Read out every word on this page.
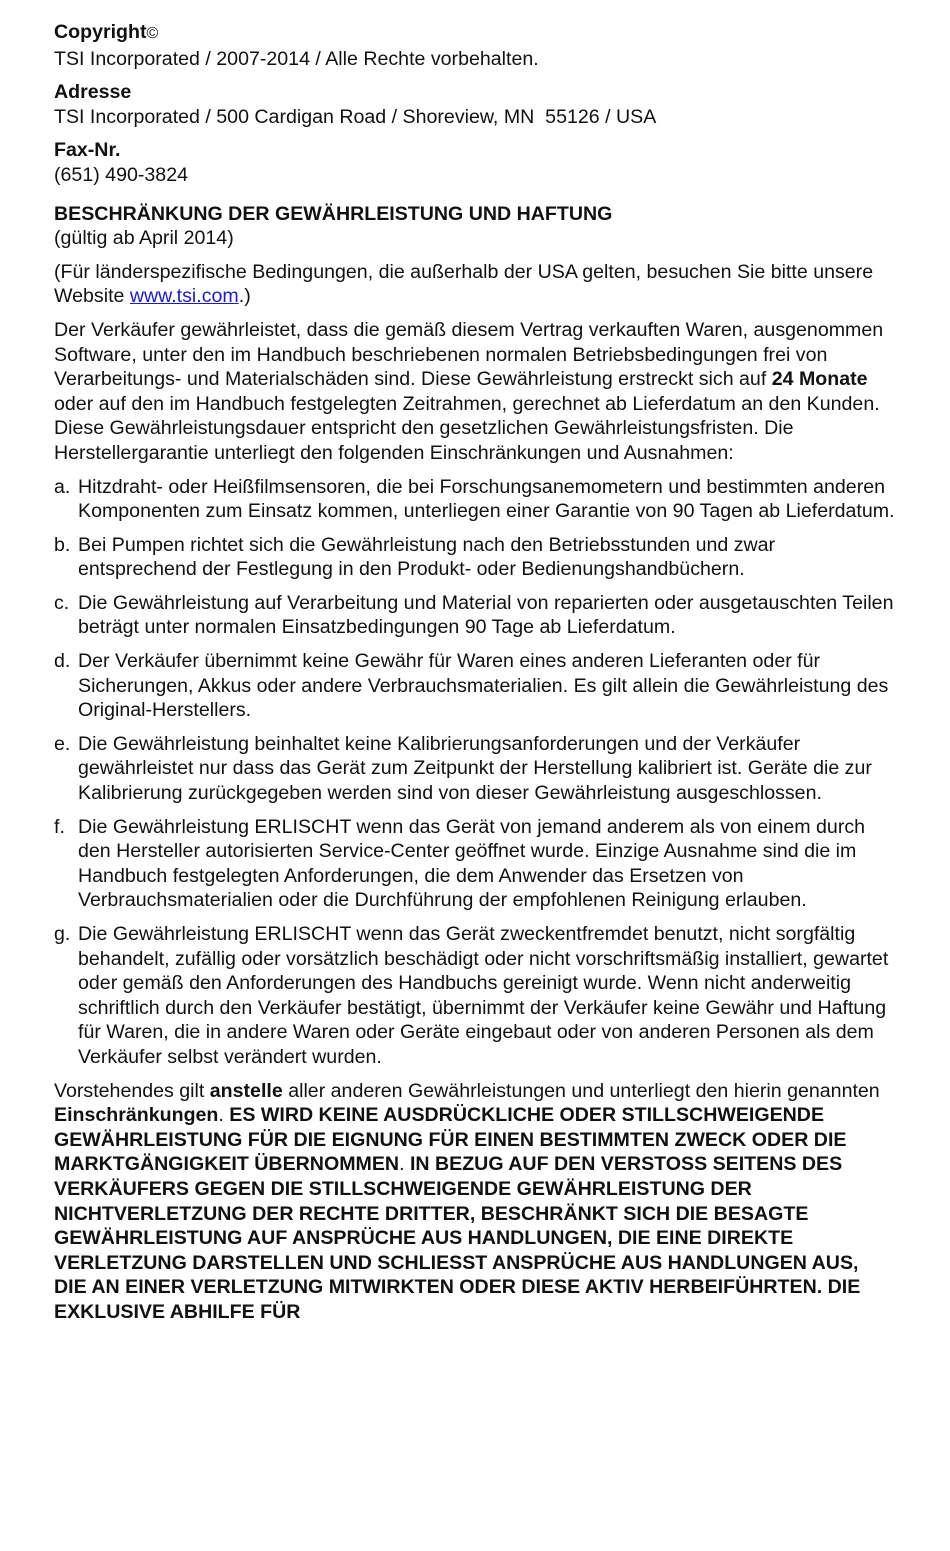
Copyright©
TSI Incorporated / 2007-2014 / Alle Rechte vorbehalten.
Adresse
TSI Incorporated / 500 Cardigan Road / Shoreview, MN  55126 / USA
Fax-Nr.
(651) 490-3824
BESCHRÄNKUNG DER GEWÄHRLEISTUNG UND HAFTUNG
(gültig ab April 2014)

(Für länderspezifische Bedingungen, die außerhalb der USA gelten, besuchen Sie bitte unsere Website www.tsi.com.)

Der Verkäufer gewährleistet, dass die gemäß diesem Vertrag verkauften Waren, ausgenommen Software, unter den im Handbuch beschriebenen normalen Betriebsbedingungen frei von Verarbeitungs- und Materialschäden sind. Diese Gewährleistung erstreckt sich auf 24 Monate oder auf den im Handbuch festgelegten Zeitrahmen, gerechnet ab Lieferdatum an den Kunden. Diese Gewährleistungsdauer entspricht den gesetzlichen Gewährleistungsfristen. Die Herstellergarantie unterliegt den folgenden Einschränkungen und Ausnahmen:

a. Hitzdraht- oder Heißfilmsensoren, die bei Forschungsanemometern und bestimmten anderen Komponenten zum Einsatz kommen, unterliegen einer Garantie von 90 Tagen ab Lieferdatum.
b. Bei Pumpen richtet sich die Gewährleistung nach den Betriebsstunden und zwar entsprechend der Festlegung in den Produkt- oder Bedienungshandbüchern.
c. Die Gewährleistung auf Verarbeitung und Material von reparierten oder ausgetauschten Teilen beträgt unter normalen Einsatzbedingungen 90 Tage ab Lieferdatum.
d. Der Verkäufer übernimmt keine Gewähr für Waren eines anderen Lieferanten oder für Sicherungen, Akkus oder andere Verbrauchsmaterialien. Es gilt allein die Gewährleistung des Original-Herstellers.
e. Die Gewährleistung beinhaltet keine Kalibrierungsanforderungen und der Verkäufer gewährleistet nur dass das Gerät zum Zeitpunkt der Herstellung kalibriert ist. Geräte die zur Kalibrierung zurückgegeben werden sind von dieser Gewährleistung ausgeschlossen.
f. Die Gewährleistung ERLISCHT wenn das Gerät von jemand anderem als von einem durch den Hersteller autorisierten Service-Center geöffnet wurde. Einzige Ausnahme sind die im Handbuch festgelegten Anforderungen, die dem Anwender das Ersetzen von Verbrauchsmaterialien oder die Durchführung der empfohlenen Reinigung erlauben.
g. Die Gewährleistung ERLISCHT wenn das Gerät zweckentfremdet benutzt, nicht sorgfältig behandelt, zufällig oder vorsätzlich beschädigt oder nicht vorschriftsmäßig installiert, gewartet oder gemäß den Anforderungen des Handbuchs gereinigt wurde. Wenn nicht anderweitig schriftlich durch den Verkäufer bestätigt, übernimmt der Verkäufer keine Gewähr und Haftung für Waren, die in andere Waren oder Geräte eingebaut oder von anderen Personen als dem Verkäufer selbst verändert wurden.

Vorstehendes gilt anstelle aller anderen Gewährleistungen und unterliegt den hierin genannten Einschränkungen. ES WIRD KEINE AUSDRÜCKLICHE ODER STILLSCHWEIGENDE GEWÄHRLEISTUNG FÜR DIE EIGNUNG FÜR EINEN BESTIMMTEN ZWECK ODER DIE MARKTGÄNGIGKEIT ÜBERNOMMEN. IN BEZUG AUF DEN VERSTOSS SEITENS DES VERKÄUFERS GEGEN DIE STILLSCHWEIGENDE GEWÄHRLEISTUNG DER NICHTVERLETZUNG DER RECHTE DRITTER, BESCHRÄNKT SICH DIE BESAGTE GEWÄHRLEISTUNG AUF ANSPRÜCHE AUS HANDLUNGEN, DIE EINE DIREKTE VERLETZUNG DARSTELLEN UND SCHLIESST ANSPRÜCHE AUS HANDLUNGEN AUS, DIE AN EINER VERLETZUNG MITWIRKTEN ODER DIESE AKTIV HERBEIFÜHRTEN. DIE EXKLUSIVE ABHILFE FÜR
